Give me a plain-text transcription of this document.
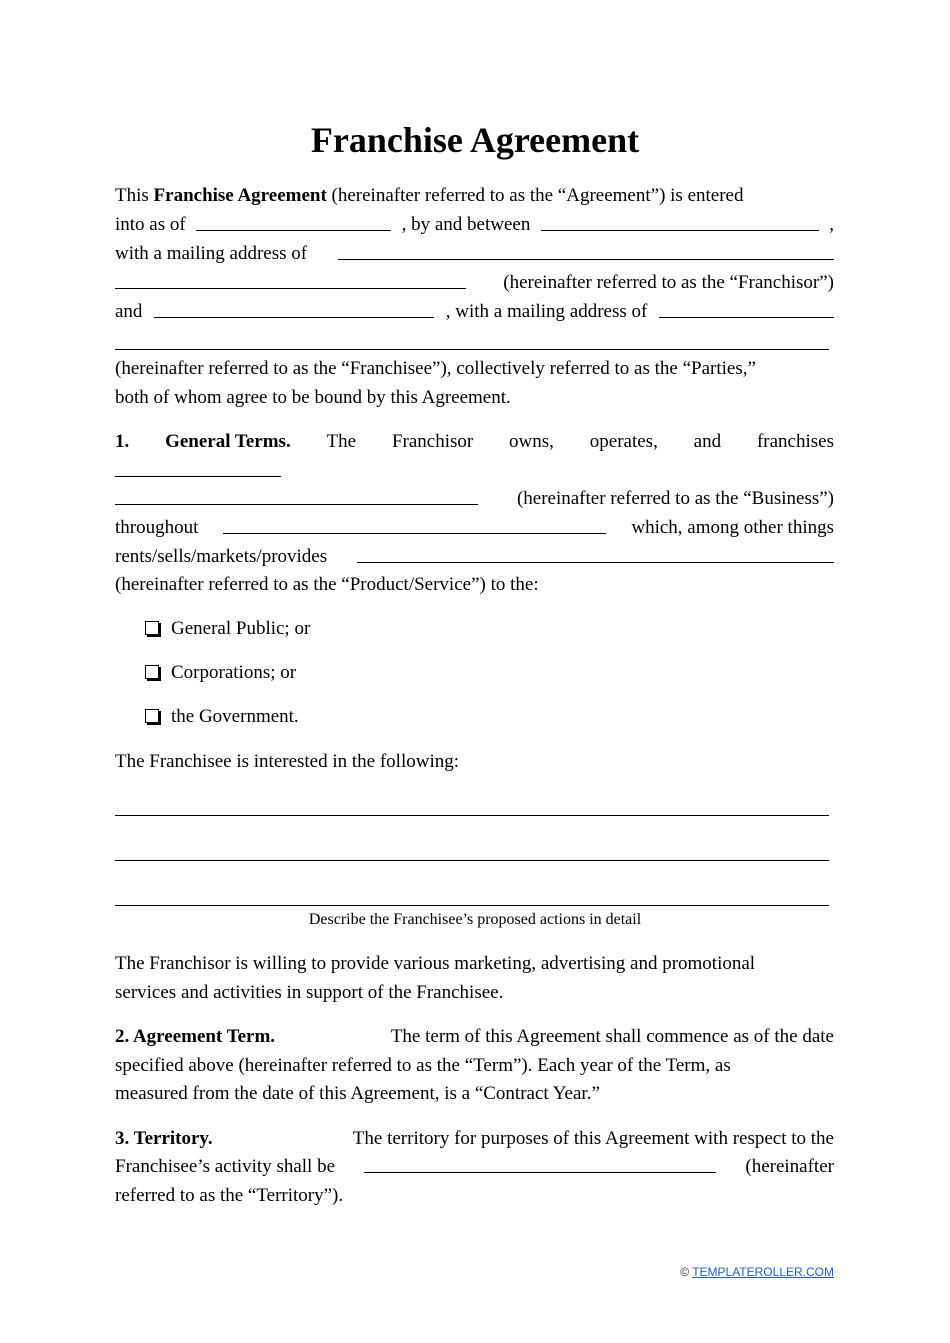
Franchise Agreement
This Franchise Agreement (hereinafter referred to as the “Agreement”) is entered
into as of	, by and between	,
with a mailing address of
(hereinafter referred to as the “Franchisor”)
and	, with a mailing address of
(hereinafter referred to as the “Franchisee”), collectively referred to as the “Parties,”
both of whom agree to be bound by this Agreement.
1. General Terms. The Franchisor owns, operates, and franchises
(hereinafter referred to as the “Business”)
throughout	which, among other things
rents/sells/markets/provides
(hereinafter referred to as the “Product/Service”) to the:
General Public; or
Corporations; or
the Government.
The Franchisee is interested in the following:
Describe the Franchisee’s proposed actions in detail
The Franchisor is willing to provide various marketing, advertising and promotional
services and activities in support of the Franchisee.
2. Agreement Term.	The term of this Agreement shall commence as of the date
specified above (hereinafter referred to as the “Term”). Each year of the Term, as
measured from the date of this Agreement, is a “Contract Year.”
3. Territory.	The territory for purposes of this Agreement with respect to the
Franchisee’s activity shall be	(hereinafter
referred to as the “Territory”).
© TEMPLATEROLLER.COM
